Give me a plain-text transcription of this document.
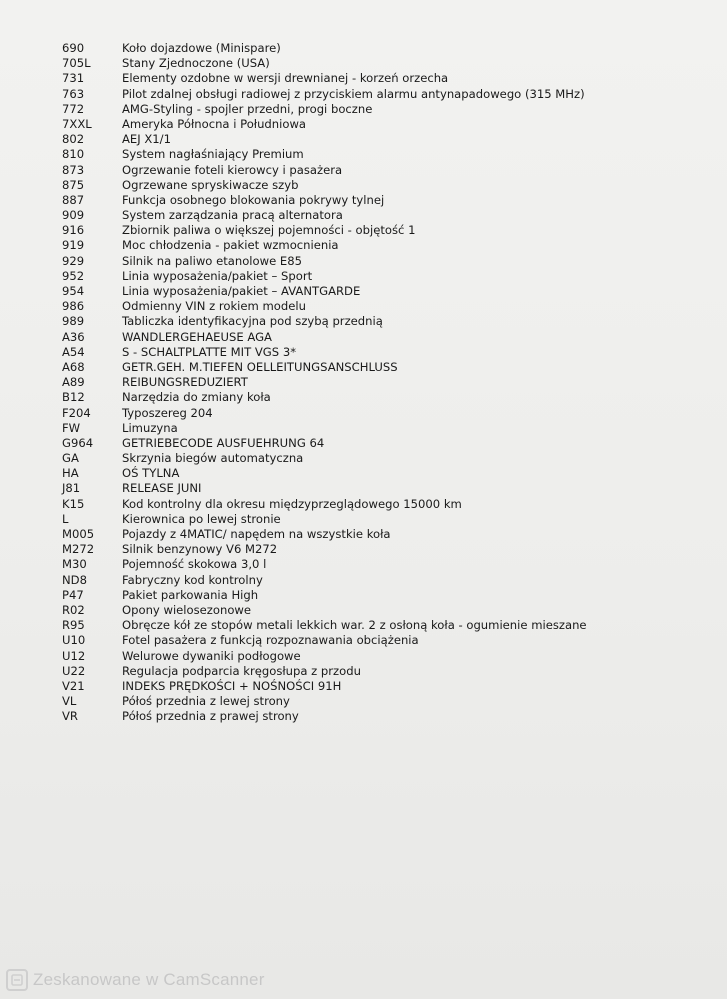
690	Koło dojazdowe (Minispare)
705L	Stany Zjednoczone (USA)
731	Elementy ozdobne w wersji drewnianej - korzeń orzecha
763	Pilot zdalnej obsługi radiowej z przyciskiem alarmu antynapadowego (315 MHz)
772	AMG-Styling - spojler przedni, progi boczne
7XXL	Ameryka Północna i Południowa
802	AEJ X1/1
810	System nagłaśniający Premium
873	Ogrzewanie foteli kierowcy i pasażera
875	Ogrzewane spryskiwacze szyb
887	Funkcja osobnego blokowania pokrywy tylnej
909	System zarządzania pracą alternatora
916	Zbiornik paliwa o większej pojemności - objętość 1
919	Moc chłodzenia - pakiet wzmocnienia
929	Silnik na paliwo etanolowe E85
952	Linia wyposażenia/pakiet – Sport
954	Linia wyposażenia/pakiet – AVANTGARDE
986	Odmienny VIN z rokiem modelu
989	Tabliczka identyfikacyjna pod szybą przednią
A36	WANDLERGEHAEUSE AGA
A54	S - SCHALTPLATTE MIT VGS 3*
A68	GETR.GEH. M.TIEFEN OELLEITUNGSANSCHLUSS
A89	REIBUNGSREDUZIERT
B12	Narzędzia do zmiany koła
F204	Typoszereg 204
FW	Limuzyna
G964	GETRIEBECODE AUSFUEHRUNG 64
GA	Skrzynia biegów automatyczna
HA	OŚ TYLNA
J81	RELEASE JUNI
K15	Kod kontrolny dla okresu międzyprzeglądowego 15000 km
L	Kierownica po lewej stronie
M005	Pojazdy z 4MATIC/ napędem na wszystkie koła
M272	Silnik benzynowy V6 M272
M30	Pojemność skokowa 3,0 l
ND8	Fabryczny kod kontrolny
P47	Pakiet parkowania High
R02	Opony wielosezonowe
R95	Obręcze kół ze stopów metali lekkich war. 2 z osłoną koła - ogumienie mieszane
U10	Fotel pasażera z funkcją rozpoznawania obciążenia
U12	Welurowe dywaniki podłogowe
U22	Regulacja podparcia kręgosłupa z przodu
V21	INDEKS PRĘDKOŚCI + NOŚNOŚCI 91H
VL	Półoś przednia z lewej strony
VR	Półoś przednia z prawej strony
Zeskanowane w CamScanner
